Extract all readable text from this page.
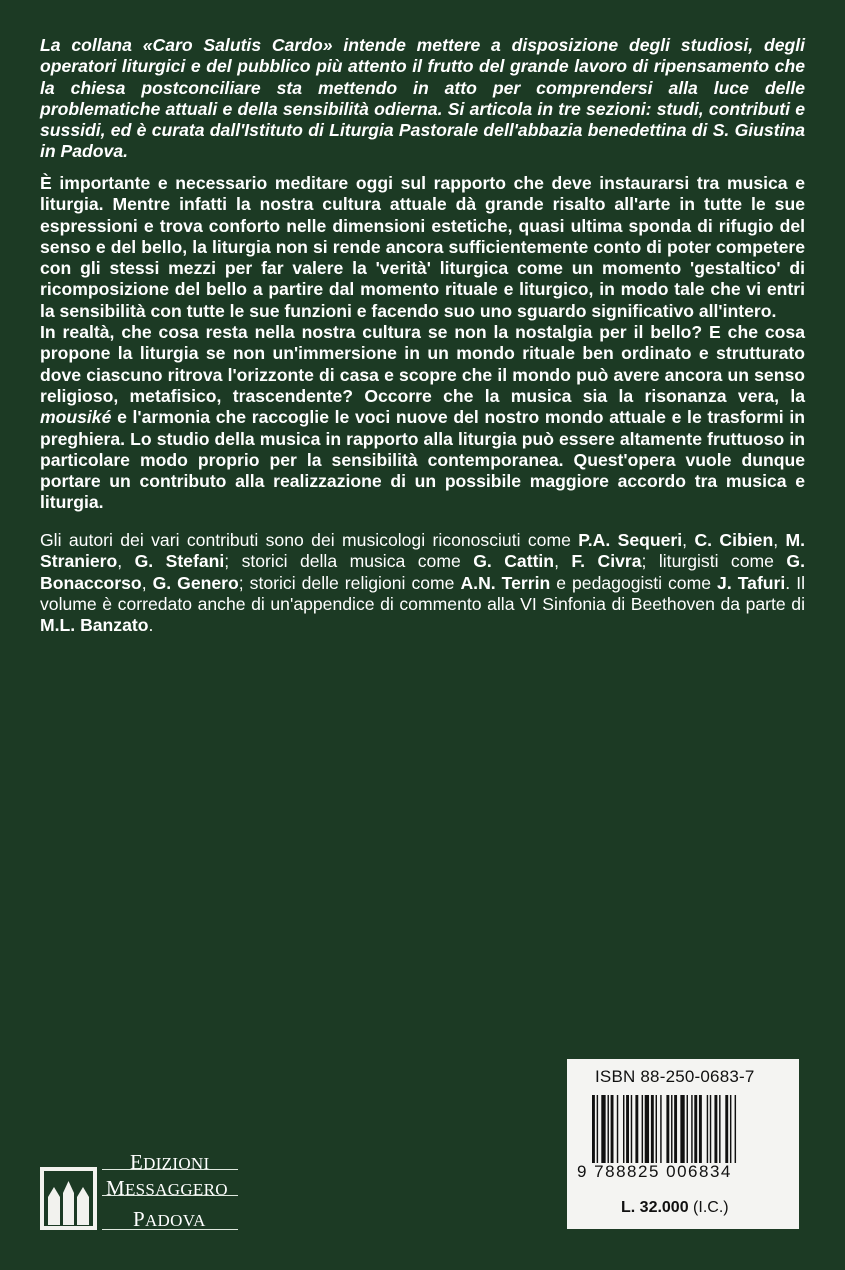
La collana «Caro Salutis Cardo» intende mettere a disposizione degli studiosi, degli operatori liturgici e del pubblico più attento il frutto del grande lavoro di ripensamento che la chiesa postconciliare sta mettendo in atto per comprendersi alla luce delle problematiche attuali e della sensibilità odierna. Si articola in tre sezioni: studi, contributi e sussidi, ed è curata dall'Istituto di Liturgia Pastorale dell'abbazia benedettina di S. Giustina in Padova.

È importante e necessario meditare oggi sul rapporto che deve instaurarsi tra musica e liturgia. Mentre infatti la nostra cultura attuale dà grande risalto all'arte in tutte le sue espressioni e trova conforto nelle dimensioni estetiche, quasi ultima sponda di rifugio del senso e del bello, la liturgia non si rende ancora sufficientemente conto di poter competere con gli stessi mezzi per far valere la 'verità' liturgica come un momento 'gestaltico' di ricomposizione del bello a partire dal momento rituale e liturgico, in modo tale che vi entri la sensibilità con tutte le sue funzioni e facendo suo uno sguardo significativo all'intero.

In realtà, che cosa resta nella nostra cultura se non la nostalgia per il bello? E che cosa propone la liturgia se non un'immersione in un mondo rituale ben ordinato e strutturato dove ciascuno ritrova l'orizzonte di casa e scopre che il mondo può avere ancora un senso religioso, metafisico, trascendente? Occorre che la musica sia la risonanza vera, la mousiké e l'armonia che raccoglie le voci nuove del nostro mondo attuale e le trasformi in preghiera. Lo studio della musica in rapporto alla liturgia può essere altamente fruttuoso in particolare modo proprio per la sensibilità contemporanea. Quest'opera vuole dunque portare un contributo alla realizzazione di un possibile maggiore accordo tra musica e liturgia.

Gli autori dei vari contributi sono dei musicologi riconosciuti come P.A. Sequeri, C. Cibien, M. Straniero, G. Stefani; storici della musica come G. Cattin, F. Civra; liturgisti come G. Bonaccorso, G. Genero; storici delle religioni come A.N. Terrin e pedagogisti come J. Tafuri. Il volume è corredato anche di un'appendice di commento alla VI Sinfonia di Beethoven da parte di M.L. Banzato.
EDIZIONI
MESSAGGERO
PADOVA
ISBN 88-250-0683-7
9 788825 006834
L. 32.000 (I.C.)
